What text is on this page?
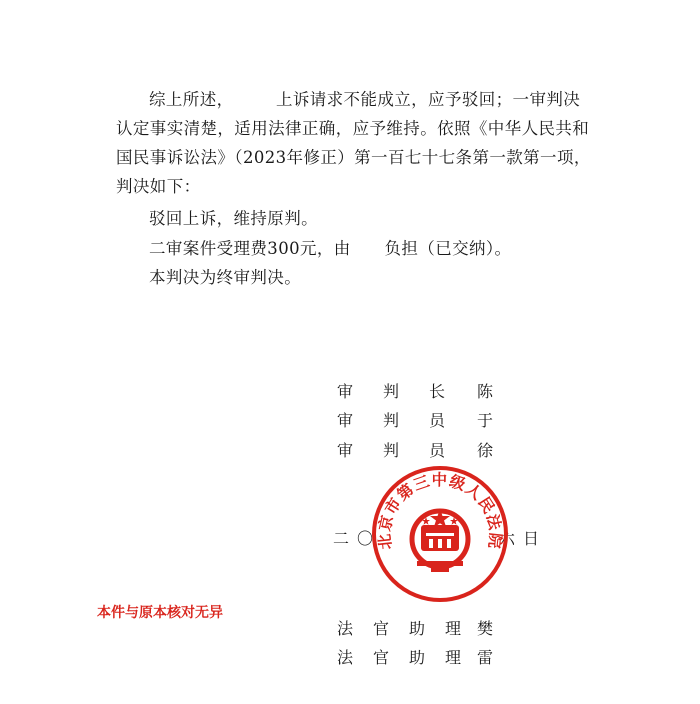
综上所述，　　　上诉请求不能成立，应予驳回；一审判决
认定事实清楚，适用法律正确，应予维持。依照《中华人民共和
国民事诉讼法》（2023年修正）第一百七十七条第一款第一项，
判决如下：

驳回上诉，维持原判。
二审案件受理费300元，由　　负担（已交纳）。
本判决为终审判决。
审 判 长 陈
审 判 员 于
审 判 员 徐
二〇	六日
北京市第三中级人民法院
本件与原本核对无异
法 官 助 理 樊
法 官 助 理 雷
